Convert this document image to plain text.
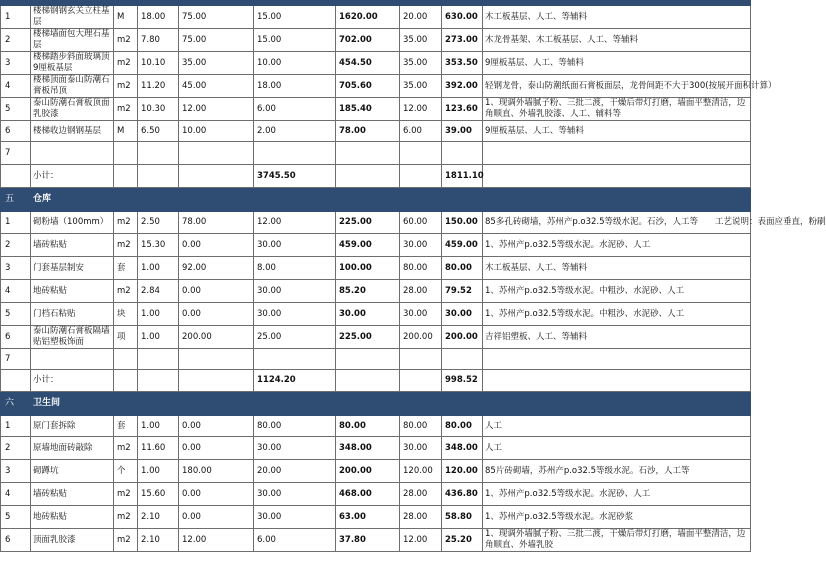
1	楼梯钢钢玄关立柱基层	M	18.00	75.00	15.00	1620.00	20.00	630.00	木工板基层、人工、等辅料
2	楼梯墙面包大理石基层	m2	7.80	75.00	15.00	702.00	35.00	273.00	木龙骨基架、木工板基层、人工、等辅料
3	楼梯踏步斜面玻璃顶9厘板基层	m2	10.10	35.00	10.00	454.50	35.00	353.50	9厘板基层、人工、等辅料
4	楼梯顶面泰山防潮石膏板吊顶	m2	11.20	45.00	18.00	705.60	35.00	392.00	轻钢龙骨，泰山防潮纸面石膏板面层，龙骨间距不大于300(按展开面积计算）
5	泰山防潮石膏板顶面乳胶漆	m2	10.30	12.00	6.00	185.40	12.00	123.60	1、现调外墙腻子粉、三批二渡，干燥后带灯打磨，墙面平整清洁，边角顺直、外墙乳胶漆、人工、辅料等
6	楼梯收边钢钢基层	M	6.50	10.00	2.00	78.00	6.00	39.00	9厘板基层、人工、等辅料
7									
	小计：				3745.50			1811.10	
五	仓库								
1	砌粉墙（100mm）	m2	2.50	78.00	12.00	225.00	60.00	150.00	85多孔砖砌墙，苏州产p.o32.5等级水泥。石沙，人工等　　工艺说明：表面应垂直，粉刷
2	墙砖粘贴	m2	15.30	0.00	30.00	459.00	30.00	459.00	1、苏州产p.o32.5等级水泥。水泥砂、人工
3	门套基层制安	套	1.00	92.00	8.00	100.00	80.00	80.00	木工板基层、人工、等辅料
4	地砖粘贴	m2	2.84	0.00	30.00	85.20	28.00	79.52	1、苏州产p.o32.5等级水泥。中粗沙、水泥砂、人工
5	门档石粘贴	块	1.00	0.00	30.00	30.00	30.00	30.00	1、苏州产p.o32.5等级水泥。中粗沙、水泥砂、人工
6	泰山防潮石膏板隔墙贴铝塑板饰面	项	1.00	200.00	25.00	225.00	200.00	200.00	吉祥铝塑板、人工、等辅料
7									
	小计：				1124.20			998.52	
六	卫生间								
1	原门套拆除	套	1.00	0.00	80.00	80.00	80.00	80.00	人工
2	原墙地面砖敲除	m2	11.60	0.00	30.00	348.00	30.00	348.00	人工
3	砌蹲坑	个	1.00	180.00	20.00	200.00	120.00	120.00	85片砖砌墙，苏州产p.o32.5等级水泥。石沙，人工等
4	墙砖粘贴	m2	15.60	0.00	30.00	468.00	28.00	436.80	1、苏州产p.o32.5等级水泥。水泥砂、人工
5	地砖粘贴	m2	2.10	0.00	30.00	63.00	28.00	58.80	1、苏州产p.o32.5等级水泥。水泥砂浆
6	顶面乳胶漆	m2	2.10	12.00	6.00	37.80	12.00	25.20	1、现调外墙腻子粉、三批二渡，干燥后带灯打磨，墙面平整清洁，边角顺直、外墙乳胶
